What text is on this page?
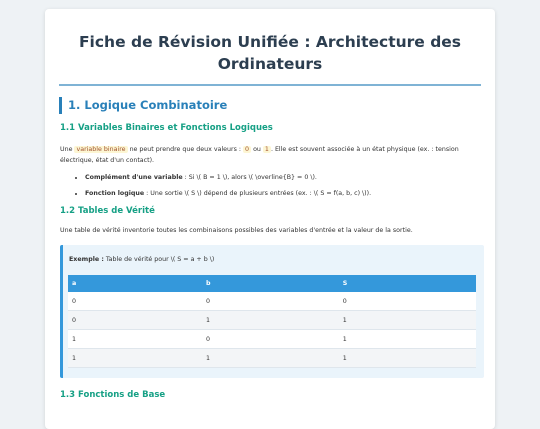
Fiche de Révision Unifiée : Architecture des Ordinateurs
1. Logique Combinatoire
1.1 Variables Binaires et Fonctions Logiques
Une variable binaire ne peut prendre que deux valeurs : 0 ou 1 . Elle est souvent associée à un état physique (ex. : tension électrique, état d'un contact).
• Complément d'une variable : Si \( B = 1 \), alors \( \overline{B} = 0 \).
• Fonction logique : Une sortie \( S \) dépend de plusieurs entrées (ex. : \( S = f(a, b, c) \)).
1.2 Tables de Vérité
Une table de vérité inventorie toutes les combinaisons possibles des variables d'entrée et la valeur de la sortie.
Exemple : Table de vérité pour \( S = a + b \)
a	b	S
0	0	0
0	1	1
1	0	1
1	1	1
1.3 Fonctions de Base
